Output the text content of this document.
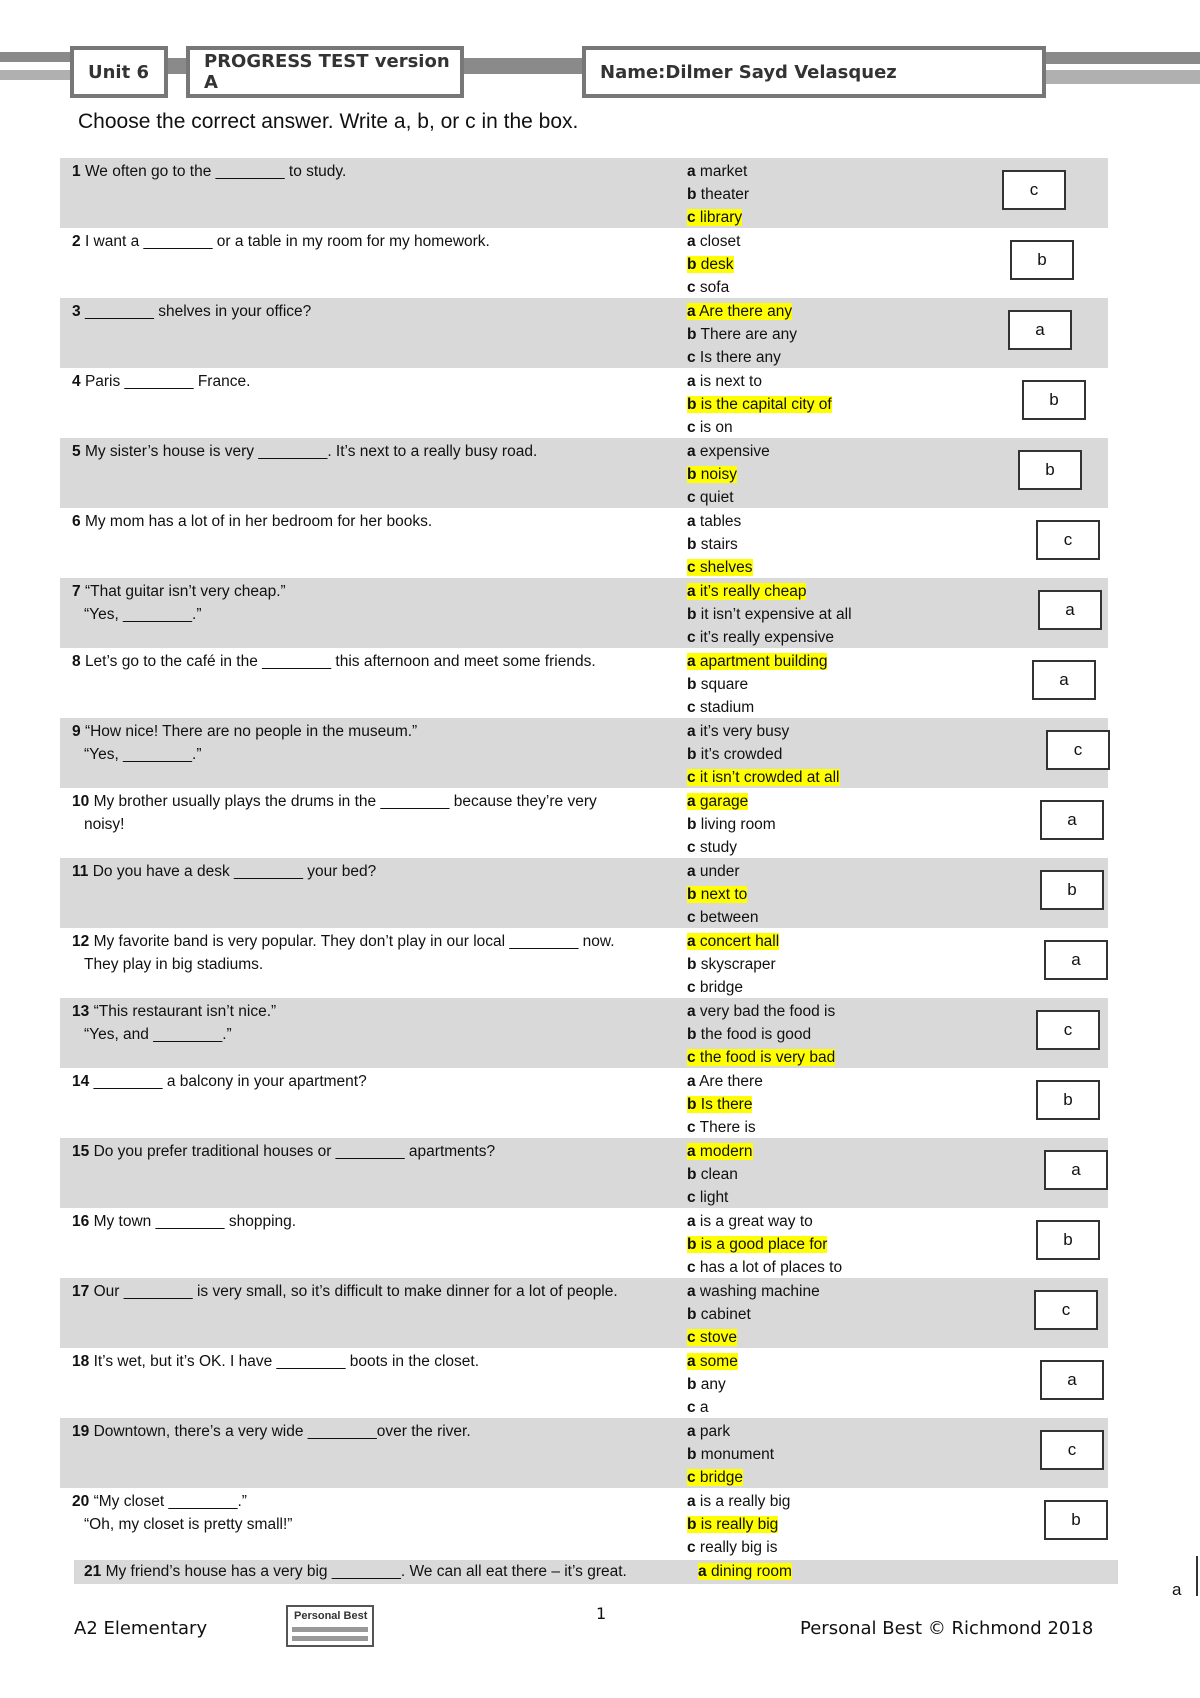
Unit 6	PROGRESS TEST version A	Name:Dilmer Sayd Velasquez
Choose the correct answer. Write a, b, or c in the box.
1 We often go to the ________ to study.	a market
b theater
c library
c
2 I want a ________ or a table in my room for my homework.	a closet
b desk
c sofa
b
3 ________ shelves in your office?	a Are there any
b There are any
c Is there any
a
4 Paris ________ France.	a is next to
b is the capital city of
c is on
b
5 My sister’s house is very ________. It’s next to a really busy road.	a expensive
b noisy
c quiet
b
6 My mom has a lot of in her bedroom for her books.	a tables
b stairs
c shelves
c
7 “That guitar isn’t very cheap.”
“Yes, ________.”
a it’s really cheap
b it isn’t expensive at all
c it’s really expensive
a
8 Let’s go to the café in the ________ this afternoon and meet some friends.	a apartment building
b square
c stadium
a
9 “How nice! There are no people in the museum.”
“Yes, ________.”
a it’s very busy
b it’s crowded
c it isn’t crowded at all
c
10 My brother usually plays the drums in the ________ because they’re very
noisy!
a garage
b living room
c study
a
11 Do you have a desk ________ your bed?	a under
b next to
c between
b
12 My favorite band is very popular. They don’t play in our local ________ now.
They play in big stadiums.
a concert hall
b skyscraper
c bridge
a
13 “This restaurant isn’t nice.”
“Yes, and ________.”
a very bad the food is
b the food is good
c the food is very bad
c
14 ________ a balcony in your apartment?	a Are there
b Is there
c There is
b
15 Do you prefer traditional houses or ________ apartments?	a modern
b clean
c light
a
16 My town ________ shopping.	a is a great way to
b is a good place for
c has a lot of places to
b
17 Our ________ is very small, so it’s difficult to make dinner for a lot of people.	a washing machine
b cabinet
c stove
c
18 It’s wet, but it’s OK. I have ________ boots in the closet.	a some
b any
c a
a
19 Downtown, there’s a very wide ________over the river.	a park
b monument
c bridge
c
20 “My closet ________.”
“Oh, my closet is pretty small!”
a is a really big
b is really big
c really big is
b
21 My friend’s house has a very big ________. We can all eat there – it’s great.	a dining room
a
A2 Elementary
Personal Best	1
Personal Best © Richmond 2018
